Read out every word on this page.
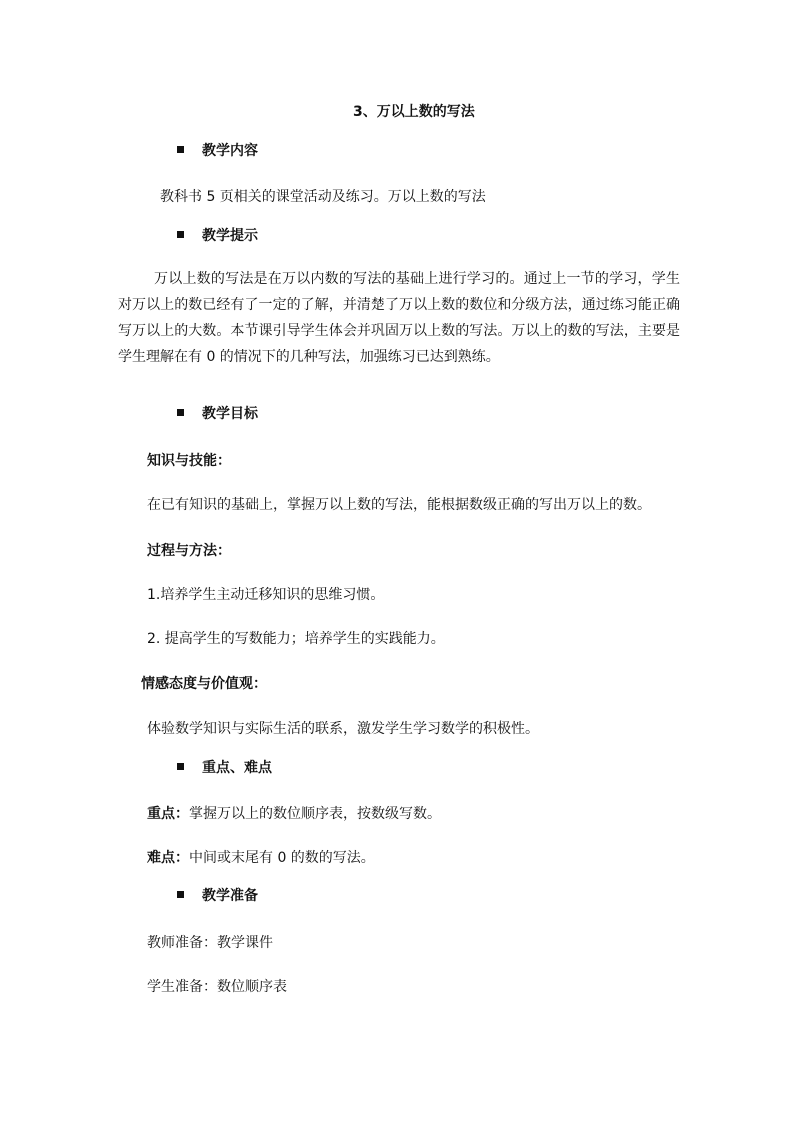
3、万以上数的写法
教学内容
教科书 5 页相关的课堂活动及练习。万以上数的写法
教学提示
万以上数的写法是在万以内数的写法的基础上进行学习的。通过上一节的学习，学生对万以上的数已经有了一定的了解，并清楚了万以上数的数位和分级方法，通过练习能正确写万以上的大数。本节课引导学生体会并巩固万以上数的写法。万以上的数的写法，主要是学生理解在有 0 的情况下的几种写法，加强练习已达到熟练。
教学目标
知识与技能：
在已有知识的基础上，掌握万以上数的写法，能根据数级正确的写出万以上的数。
过程与方法：
1.培养学生主动迁移知识的思维习惯。
2. 提高学生的写数能力；培养学生的实践能力。
情感态度与价值观：
体验数学知识与实际生活的联系，激发学生学习数学的积极性。
重点、难点
重点：掌握万以上的数位顺序表，按数级写数。
难点：中间或末尾有 0 的数的写法。
教学准备
教师准备：教学课件
学生准备：数位顺序表
